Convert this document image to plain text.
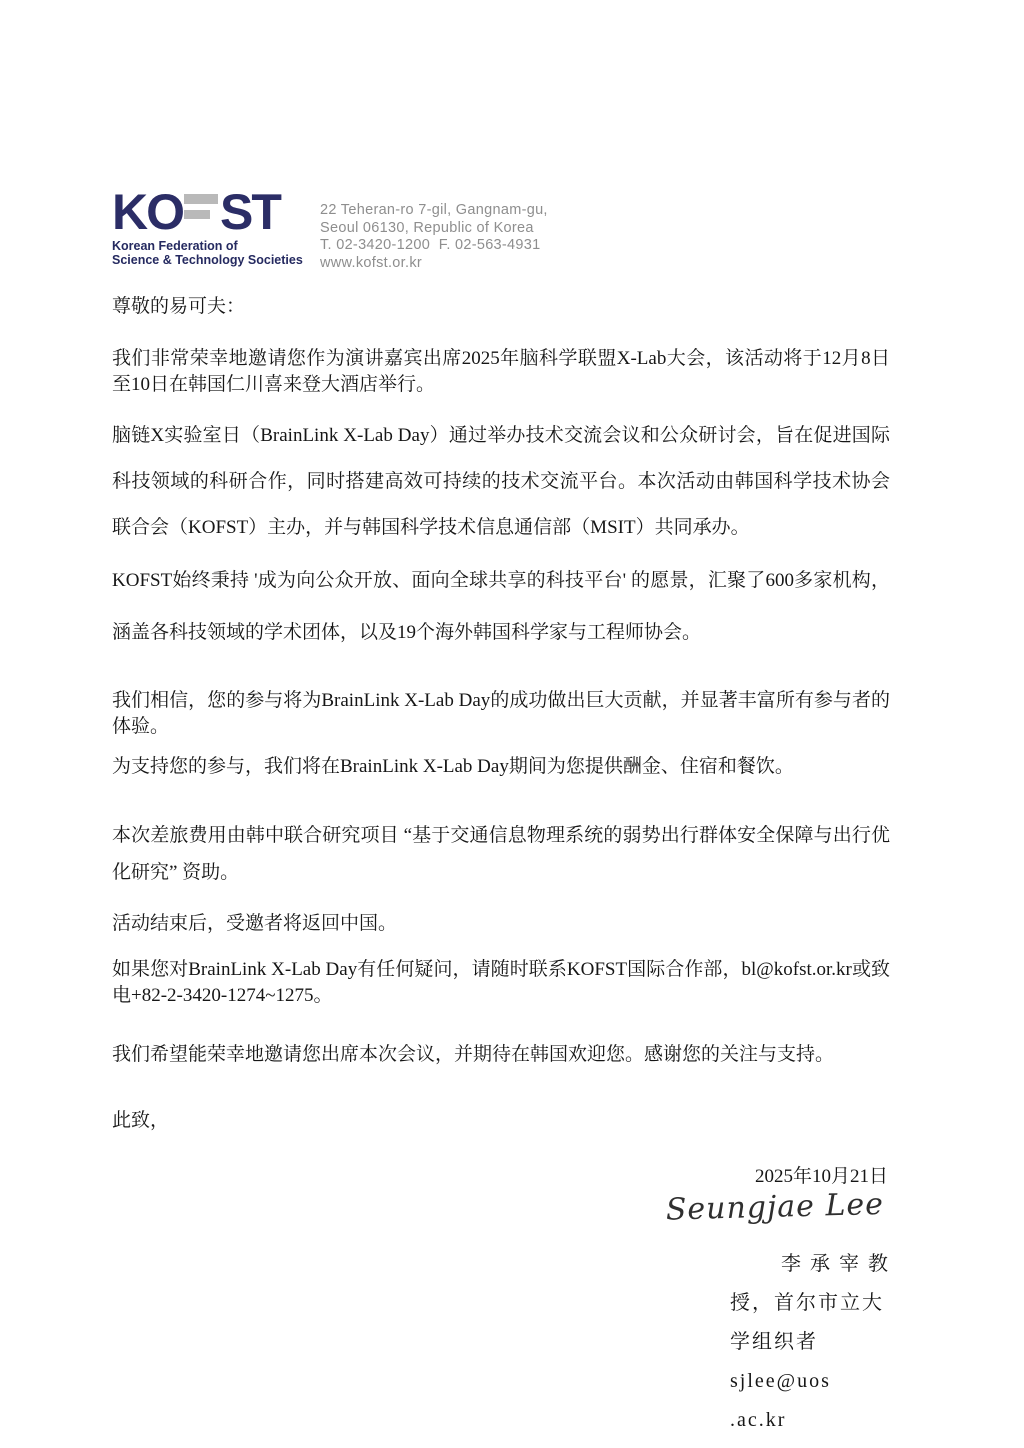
KO ST
Korean Federation of
Science & Technology Societies
22 Teheran-ro 7-gil, Gangnam-gu,
Seoul 06130, Republic of Korea
T. 02-3420-1200  F. 02-563-4931
www.kofst.or.kr

尊敬的易可夫：

我们非常荣幸地邀请您作为演讲嘉宾出席2025年脑科学联盟X-Lab大会，该活动将于12月8日至10日在韩国仁川喜来登大酒店举行。

脑链X实验室日（BrainLink X-Lab Day）通过举办技术交流会议和公众研讨会，旨在促进国际科技领域的科研合作，同时搭建高效可持续的技术交流平台。本次活动由韩国科学技术协会联合会（KOFST）主办，并与韩国科学技术信息通信部（MSIT）共同承办。

KOFST始终秉持 '成为向公众开放、面向全球共享的科技平台' 的愿景，汇聚了600多家机构，涵盖各科技领域的学术团体，以及19个海外韩国科学家与工程师协会。

我们相信，您的参与将为BrainLink X-Lab Day的成功做出巨大贡献，并显著丰富所有参与者的体验。

为支持您的参与，我们将在BrainLink X-Lab Day期间为您提供酬金、住宿和餐饮。

本次差旅费用由韩中联合研究项目 “基于交通信息物理系统的弱势出行群体安全保障与出行优化研究” 资助。

活动结束后，受邀者将返回中国。

如果您对BrainLink X-Lab Day有任何疑问，请随时联系KOFST国际合作部，bl@kofst.or.kr或致电+82-2-3420-1274~1275。

我们希望能荣幸地邀请您出席本次会议，并期待在韩国欢迎您。感谢您的关注与支持。

此致，

2025年10月21日
Seungjae Lee
李 承 宰 教
授，首尔市立大
学组织者sjlee@uos
.ac.kr
